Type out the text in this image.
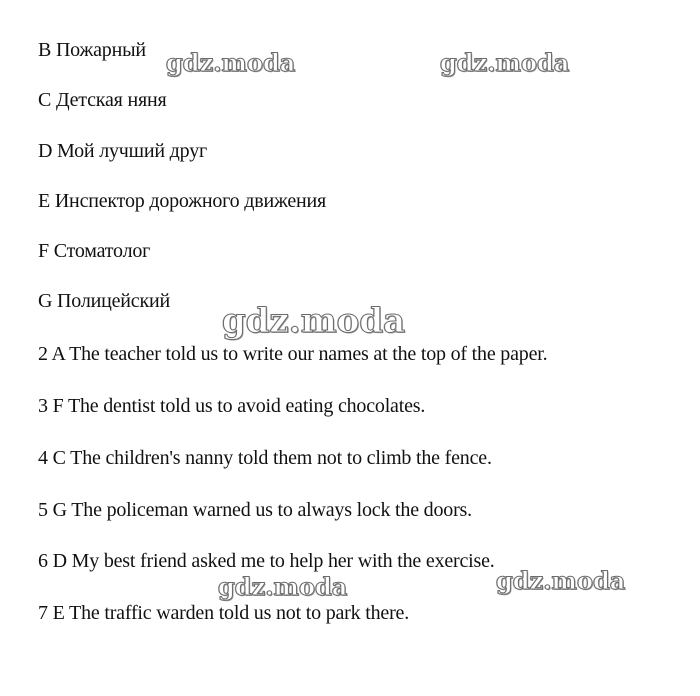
B Пожарный
C Детская няня
D Мой лучший друг
E Инспектор дорожного движения
F Стоматолог
G Полицейский
2 A The teacher told us to write our names at the top of the paper.
3 F The dentist told us to avoid eating chocolates.
4 C The children's nanny told them not to climb the fence.
5 G The policeman warned us to always lock the doors.
6 D My best friend asked me to help her with the exercise.
7 E The traffic warden told us not to park there.
gdz.moda	gdz.moda
gdz.moda
gdz.moda	gdz.moda
